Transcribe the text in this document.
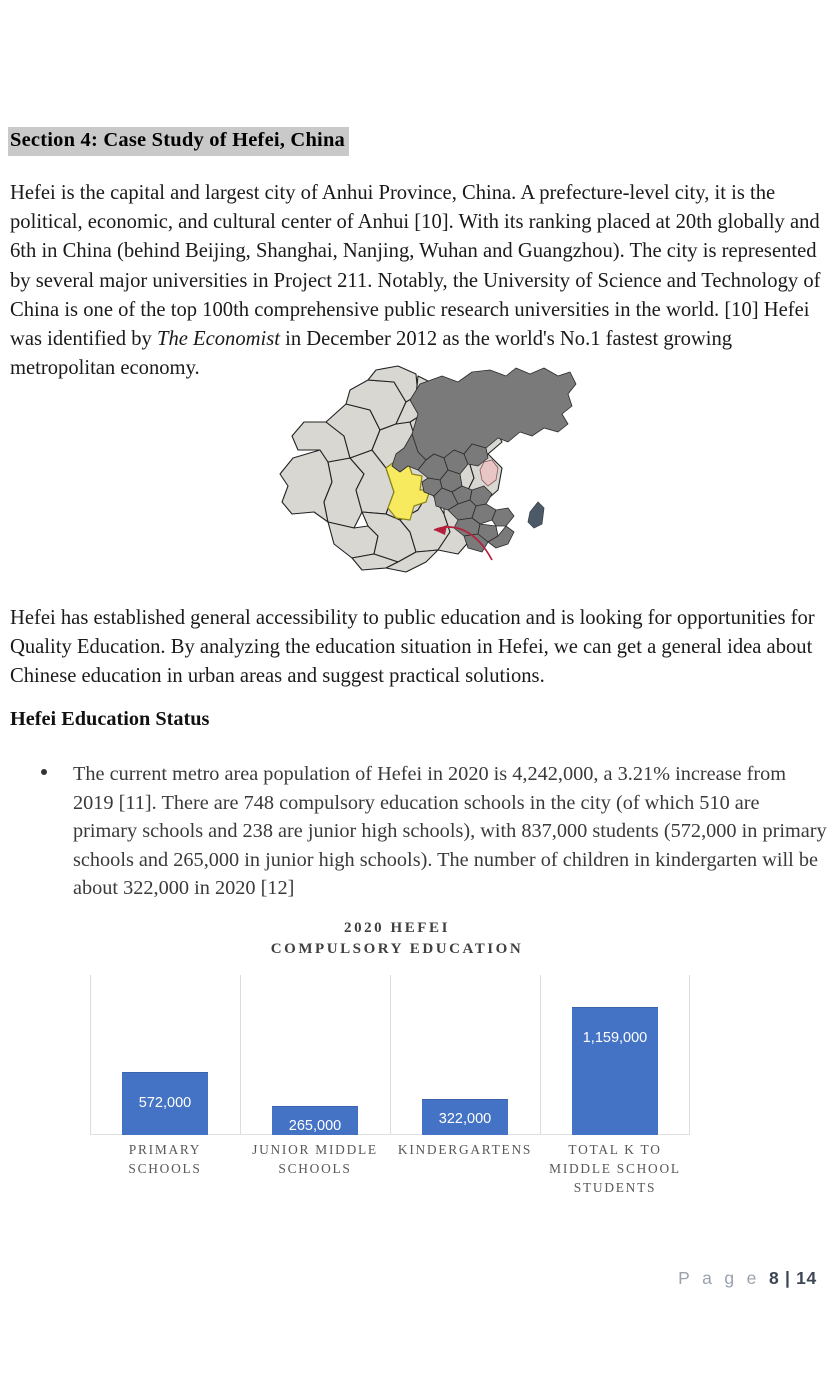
Section 4: Case Study of Hefei, China
Hefei is the capital and largest city of Anhui Province, China. A prefecture-level city, it is the political, economic, and cultural center of Anhui [10]. With its ranking placed at 20th globally and 6th in China (behind Beijing, Shanghai, Nanjing, Wuhan and Guangzhou). The city is represented by several major universities in Project 211. Notably, the University of Science and Technology of China is one of the top 100th comprehensive public research universities in the world. [10] Hefei was identified by The Economist in December 2012 as the world's No.1 fastest growing metropolitan economy.
Hefei has established general accessibility to public education and is looking for opportunities for Quality Education. By analyzing the education situation in Hefei, we can get a general idea about Chinese education in urban areas and suggest practical solutions.
Hefei Education Status
The current metro area population of Hefei in 2020 is 4,242,000, a 3.21% increase from 2019 [11]. There are 748 compulsory education schools in the city (of which 510 are primary schools and 238 are junior high schools), with 837,000 students (572,000 in primary schools and 265,000 in junior high schools). The number of children in kindergarten will be about 322,000 in 2020 [12]
2020 HEFEI
COMPULSORY EDUCATION
572,000
265,000	322,000
1,159,000
PRIMARY SCHOOLS
JUNIOR MIDDLE SCHOOLS
KINDERGARTENS	TOTAL K TO MIDDLE SCHOOL STUDENTS
P a g e 8 | 14
